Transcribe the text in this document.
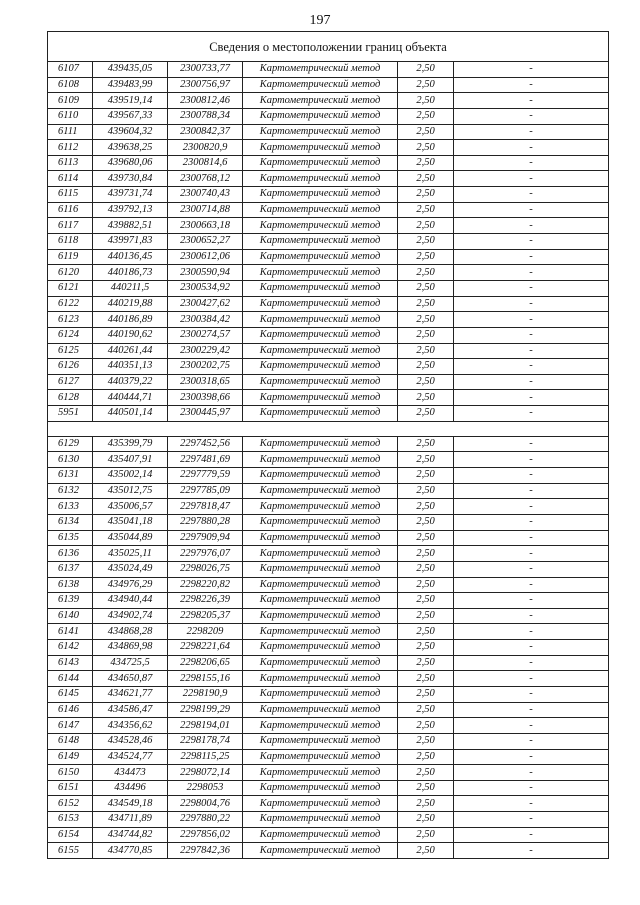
197
Сведения о местоположении границ объекта					
6107	439435,05	2300733,77	Картометрический метод	2,50	-
6108	439483,99	2300756,97	Картометрический метод	2,50	-
6109	439519,14	2300812,46	Картометрический метод	2,50	-
6110	439567,33	2300788,34	Картометрический метод	2,50	-
6111	439604,32	2300842,37	Картометрический метод	2,50	-
6112	439638,25	2300820,9	Картометрический метод	2,50	-
6113	439680,06	2300814,6	Картометрический метод	2,50	-
6114	439730,84	2300768,12	Картометрический метод	2,50	-
6115	439731,74	2300740,43	Картометрический метод	2,50	-
6116	439792,13	2300714,88	Картометрический метод	2,50	-
6117	439882,51	2300663,18	Картометрический метод	2,50	-
6118	439971,83	2300652,27	Картометрический метод	2,50	-
6119	440136,45	2300612,06	Картометрический метод	2,50	-
6120	440186,73	2300590,94	Картометрический метод	2,50	-
6121	440211,5	2300534,92	Картометрический метод	2,50	-
6122	440219,88	2300427,62	Картометрический метод	2,50	-
6123	440186,89	2300384,42	Картометрический метод	2,50	-
6124	440190,62	2300274,57	Картометрический метод	2,50	-
6125	440261,44	2300229,42	Картометрический метод	2,50	-
6126	440351,13	2300202,75	Картометрический метод	2,50	-
6127	440379,22	2300318,65	Картометрический метод	2,50	-
6128	440444,71	2300398,66	Картометрический метод	2,50	-
5951	440501,14	2300445,97	Картометрический метод	2,50	-

6129	435399,79	2297452,56	Картометрический метод	2,50	-
6130	435407,91	2297481,69	Картометрический метод	2,50	-
6131	435002,14	2297779,59	Картометрический метод	2,50	-
6132	435012,75	2297785,09	Картометрический метод	2,50	-
6133	435006,57	2297818,47	Картометрический метод	2,50	-
6134	435041,18	2297880,28	Картометрический метод	2,50	-
6135	435044,89	2297909,94	Картометрический метод	2,50	-
6136	435025,11	2297976,07	Картометрический метод	2,50	-
6137	435024,49	2298026,75	Картометрический метод	2,50	-
6138	434976,29	2298220,82	Картометрический метод	2,50	-
6139	434940,44	2298226,39	Картометрический метод	2,50	-
6140	434902,74	2298205,37	Картометрический метод	2,50	-
6141	434868,28	2298209	Картометрический метод	2,50	-
6142	434869,98	2298221,64	Картометрический метод	2,50	-
6143	434725,5	2298206,65	Картометрический метод	2,50	-
6144	434650,87	2298155,16	Картометрический метод	2,50	-
6145	434621,77	2298190,9	Картометрический метод	2,50	-
6146	434586,47	2298199,29	Картометрический метод	2,50	-
6147	434356,62	2298194,01	Картометрический метод	2,50	-
6148	434528,46	2298178,74	Картометрический метод	2,50	-
6149	434524,77	2298115,25	Картометрический метод	2,50	-
6150	434473	2298072,14	Картометрический метод	2,50	-
6151	434496	2298053	Картометрический метод	2,50	-
6152	434549,18	2298004,76	Картометрический метод	2,50	-
6153	434711,89	2297880,22	Картометрический метод	2,50	-
6154	434744,82	2297856,02	Картометрический метод	2,50	-
6155	434770,85	2297842,36	Картометрический метод	2,50	-
